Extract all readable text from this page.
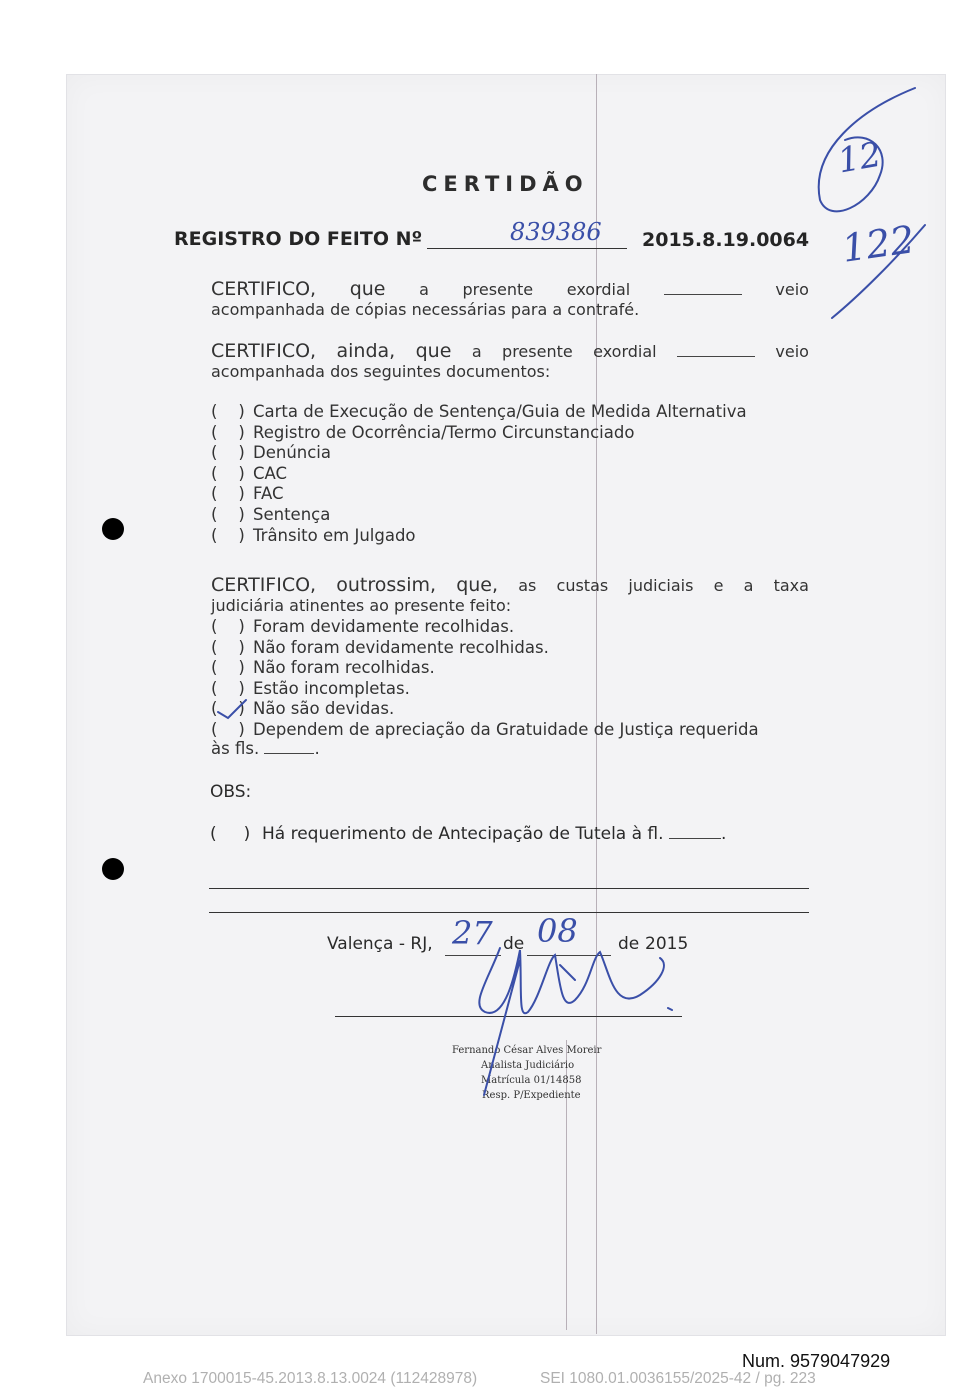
CERTIDÃO
REGISTRO DO FEITO Nº	839386 2015.8.19.0064
CERTIFICO, que a presente exordial	veio
acompanhada de cópias necessárias para a contrafé.
CERTIFICO, ainda, que a presente exordial	veio
acompanhada dos seguintes documentos:
(    ) Carta de Execução de Sentença/Guia de Medida Alternativa
(    ) Registro de Ocorrência/Termo Circunstanciado
(    ) Denúncia
(    ) CAC
(    ) FAC
(    ) Sentença
(    ) Trânsito em Julgado
CERTIFICO, outrossim, que, as custas judiciais e a taxa
judiciária atinentes ao presente feito:
(    ) Foram devidamente recolhidas.
(    ) Não foram devidamente recolhidas.
(    ) Não foram recolhidas.
(    ) Estão incompletas.
(    ) Não são devidas.
(    ) Dependem de apreciação da Gratuidade de Justiça requerida
às fls.	.
OBS:
(     ) Há requerimento de Antecipação de Tutela à fl.	.
Valença - RJ, 27 de 08 de 2015
Fernando César Alves Moreir
Analista Judiciário
Matrícula 01/14858
Resp. P/Expediente
12
122
Num. 9579047929
Anexo 1700015-45.2013.8.13.0024 (112428978)	SEI 1080.01.0036155/2025-42 / pg. 223
